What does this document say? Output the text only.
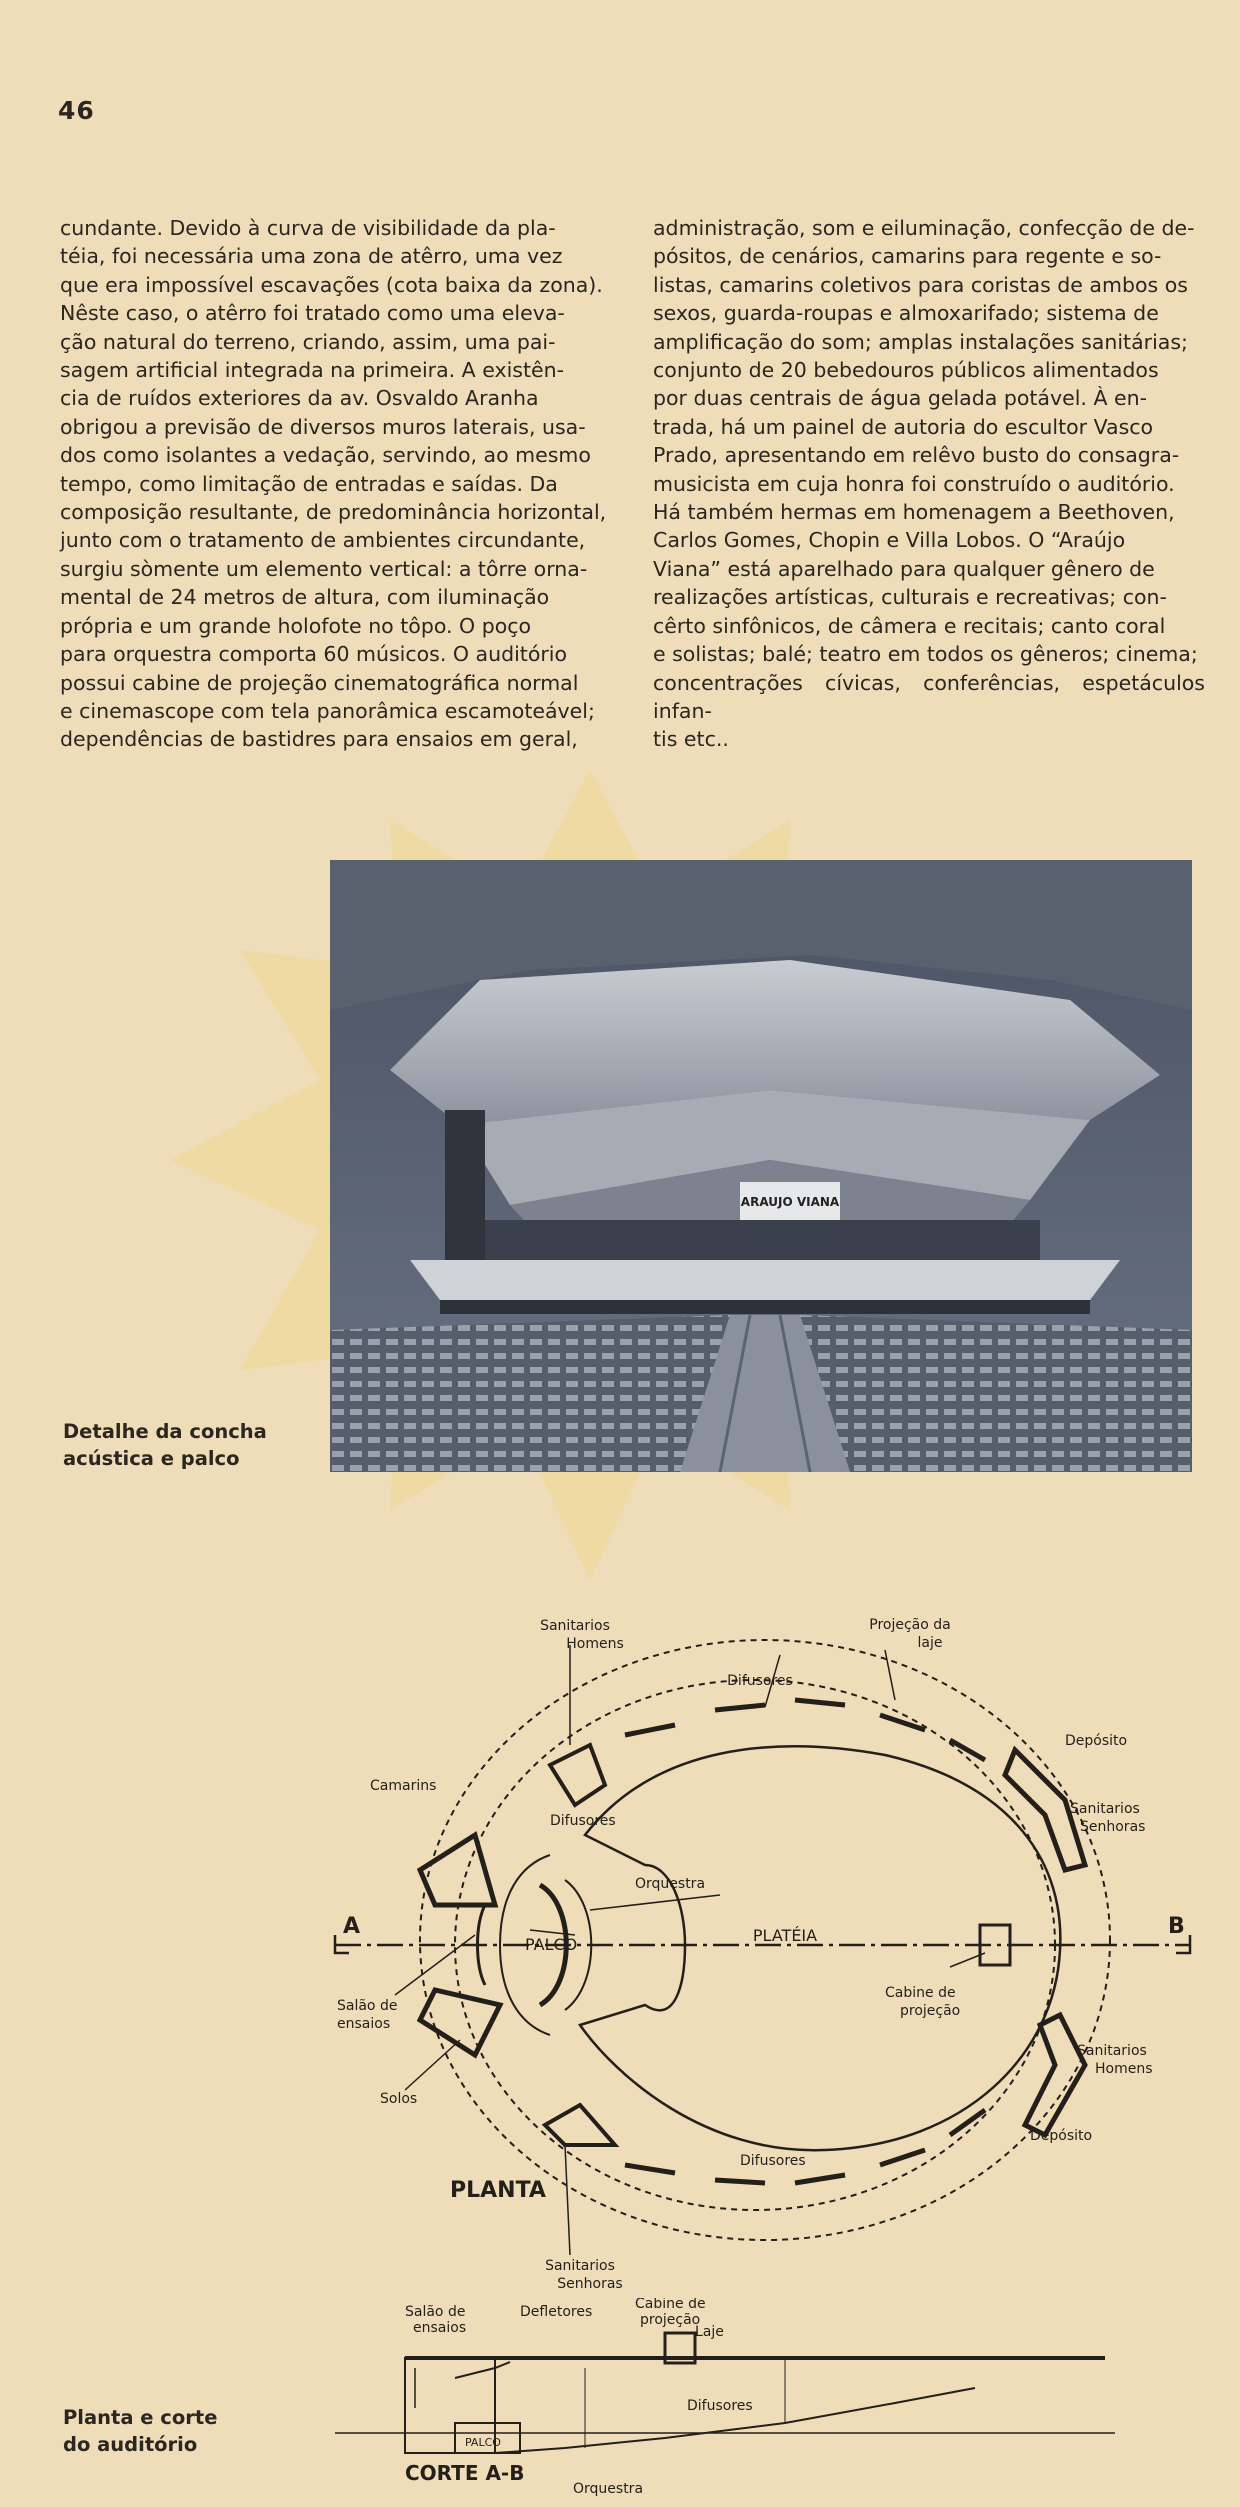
46
cundante. Devido à curva de visibilidade da pla-
téia, foi necessária uma zona de atêrro, uma vez
que era impossível escavações (cota baixa da zona).
Nêste caso, o atêrro foi tratado como uma eleva-
ção natural do terreno, criando, assim, uma pai-
sagem artificial integrada na primeira. A existên-
cia de ruídos exteriores da av. Osvaldo Aranha
obrigou a previsão de diversos muros laterais, usa-
dos como isolantes a vedação, servindo, ao mesmo
tempo, como limitação de entradas e saídas. Da
composição resultante, de predominância horizontal,
junto com o tratamento de ambientes circundante,
surgiu sòmente um elemento vertical: a tôrre orna-
mental de 24 metros de altura, com iluminação
própria e um grande holofote no tôpo. O poço
para orquestra comporta 60 músicos. O auditório
possui cabine de projeção cinematográfica normal
e cinemascope com tela panorâmica escamoteável;
dependências de bastidres para ensaios em geral,
administração, som e eiluminação, confecção de de-
pósitos, de cenários, camarins para regente e so-
listas, camarins coletivos para coristas de ambos os
sexos, guarda-roupas e almoxarifado; sistema de
amplificação do som; amplas instalações sanitárias;
conjunto de 20 bebedouros públicos alimentados
por duas centrais de água gelada potável. À en-
trada, há um painel de autoria do escultor Vasco
Prado, apresentando em relêvo busto do consagra-
musicista em cuja honra foi construído o auditório.
Há também hermas em homenagem a Beethoven,
Carlos Gomes, Chopin e Villa Lobos. O “Araújo
Viana” está aparelhado para qualquer gênero de
realizações artísticas, culturais e recreativas; con-
cêrto sinfônicos, de câmera e recitais; canto coral
e solistas; balé; teatro em todos os gêneros; cinema;
concentrações cívicas, conferências, espetáculos infan-
tis etc..
ARAUJO VIANA
Detalhe da concha
acústica e palco
Sanitarios
Homens
Projeção da
laje
Difusores
Depósito
Sanitarios
Senhoras
Camarins
Difusores
Orquestra
A
PALCO	PLATÉIA	B
Cabine de
projeção
Salão de
ensaios
Solos
Sanitarios
Homens
Depósito
Difusores
PLANTA
Sanitarios
Senhoras
Salão de
ensaios
Defletores
Laje
Cabine de
projeção
PALCO
Difusores
CORTE A-B
Orquestra
Planta e corte
do auditório
